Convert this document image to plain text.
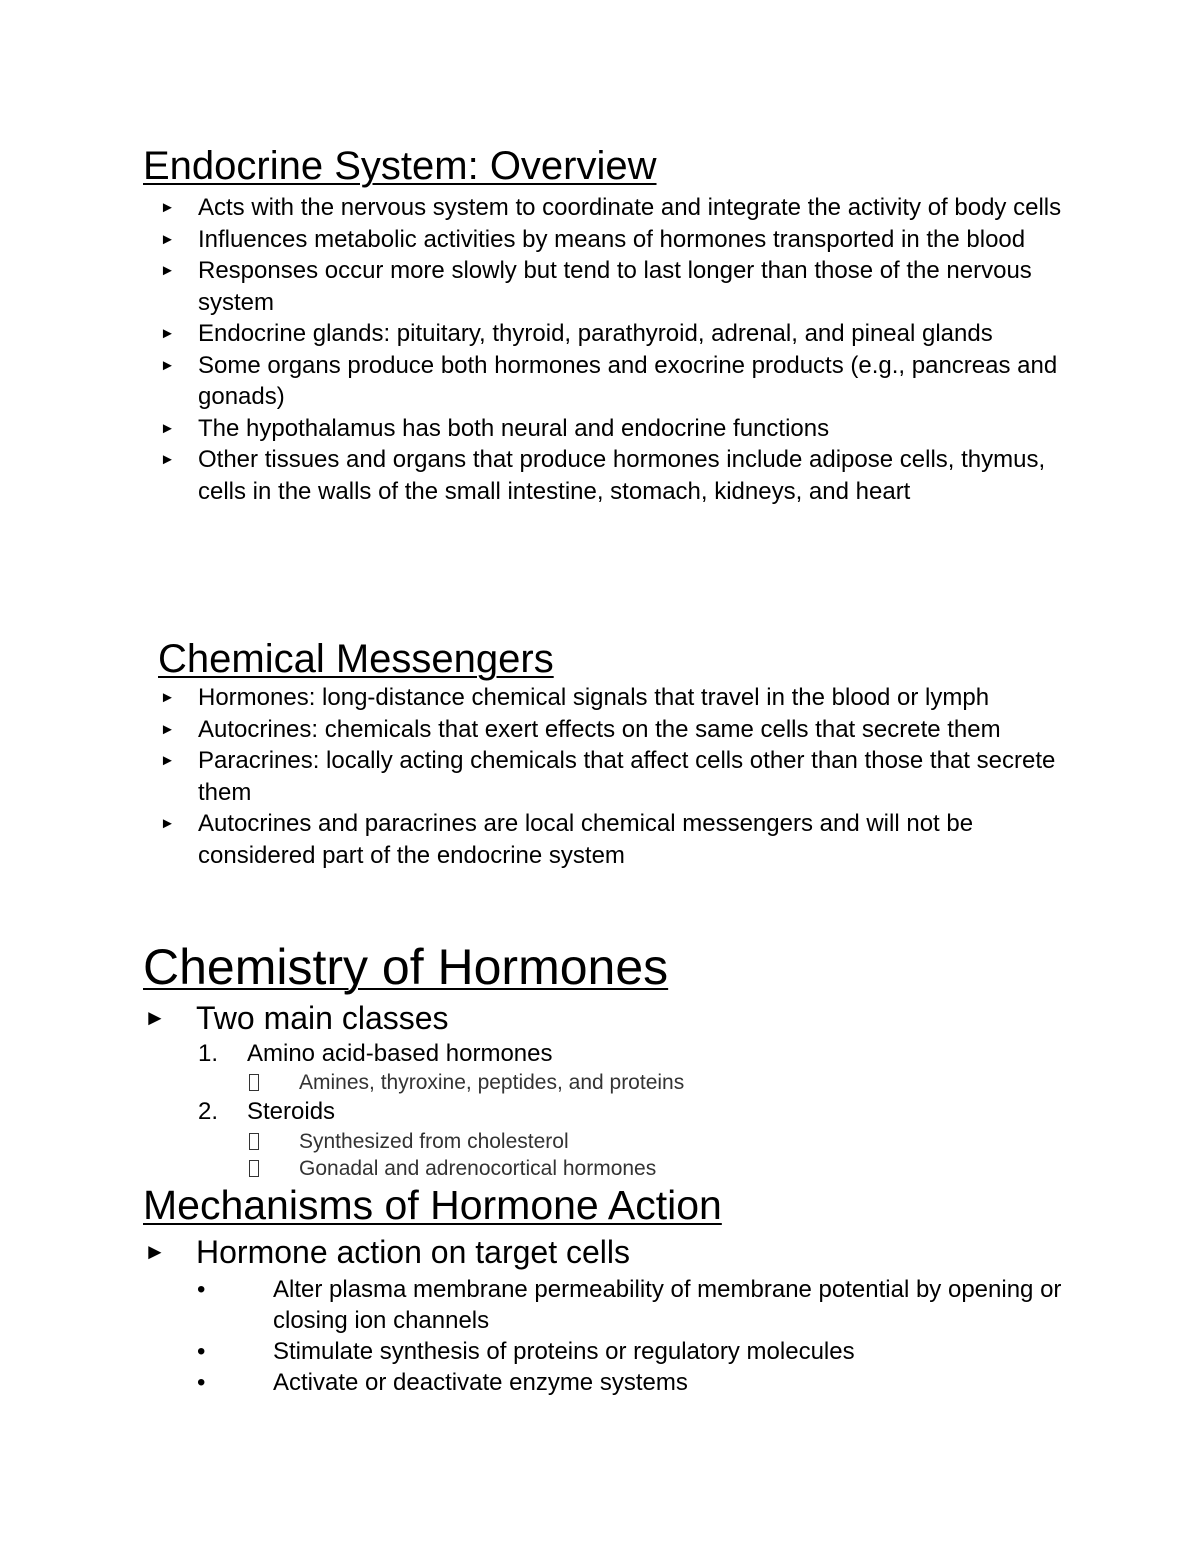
Endocrine System: Overview
► Acts with the nervous system to coordinate and integrate the activity of body cells
► Influences metabolic activities by means of hormones transported in the blood
► Responses occur more slowly but tend to last longer than those of the nervous system
► Endocrine glands: pituitary, thyroid, parathyroid, adrenal, and pineal glands
► Some organs produce both hormones and exocrine products (e.g., pancreas and gonads)
► The hypothalamus has both neural and endocrine functions
► Other tissues and organs that produce hormones include adipose cells, thymus, cells in the walls of the small intestine, stomach, kidneys, and heart
Chemical Messengers
► Hormones: long-distance chemical signals that travel in the blood or lymph
► Autocrines: chemicals that exert effects on the same cells that secrete them
► Paracrines: locally acting chemicals that affect cells other than those that secrete them
► Autocrines and paracrines are local chemical messengers and will not be considered part of the endocrine system
Chemistry of Hormones
► Two main classes
1. Amino acid-based hormones
Amines, thyroxine, peptides, and proteins
2. Steroids
Synthesized from cholesterol
Gonadal and adrenocortical hormones
Mechanisms of Hormone Action
► Hormone action on target cells
•	Alter plasma membrane permeability of membrane potential by opening or closing ion channels
•	Stimulate synthesis of proteins or regulatory molecules
•	Activate or deactivate enzyme systems
